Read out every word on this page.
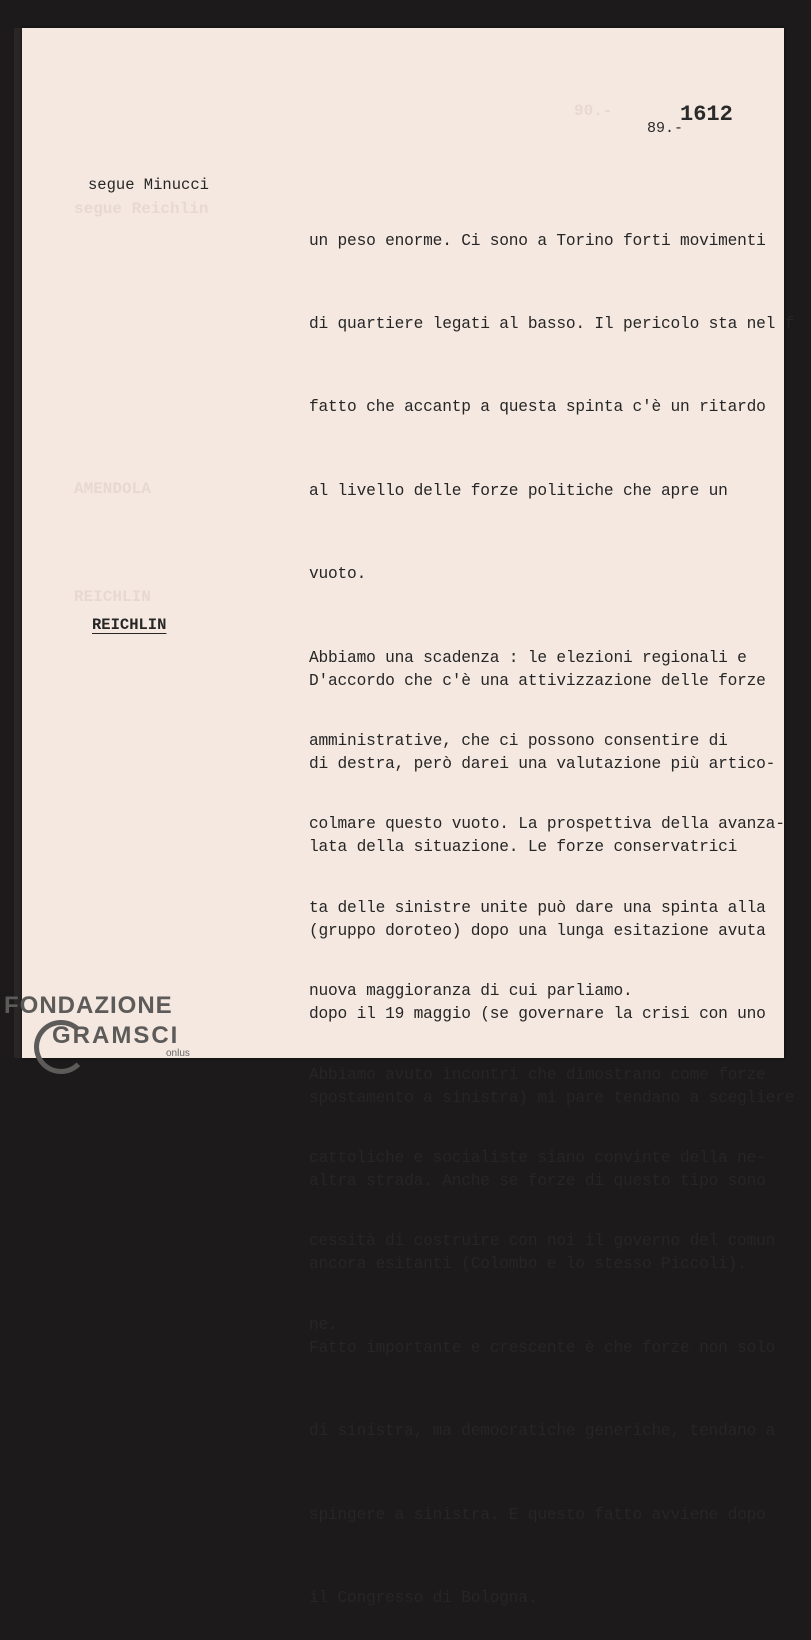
segue Reichlin
AMENDOLA
REICHLIN
90.-	1612
89.-
segue Minucci

un peso enorme. Ci sono a Torino forti movimenti

di quartiere legati al basso. Il pericolo sta nel f

fatto che accantp a questa spinta c'è un ritardo

al livello delle forze politiche che apre un

vuoto.

Abbiamo una scadenza : le elezioni regionali e

amministrative, che ci possono consentire di

colmare questo vuoto. La prospettiva della avanza-

ta delle sinistre unite può dare una spinta alla

nuova maggioranza di cui parliamo.

Abbiamo avuto incontri che dimostrano come forze

cattoliche e socialiste siano convinte della ne-

cessità di costruire con noi il governo del comun

ne.

REICHLIN

D'accordo che c'è una attivizzazione delle forze

di destra, però darei una valutazione più artico-

lata della situazione. Le forze conservatrici

(gruppo doroteo) dopo una lunga esitazione avuta

dopo il 19 maggio (se governare la crisi con uno

spostamento a sinistra) mi pare tendano a scegliere

altra strada. Anche se forze di questo tipo sono

ancora esitanti (Colombo e lo stesso Piccoli).

Fatto importante e crescente è che forze non solo

di sinistra, ma democratiche generiche, tendano a

spingere a sinistra. E questo fatto avviene dopo

il Congresso di Bologna.

FONDAZIONE
GRAMSCI
onlus
